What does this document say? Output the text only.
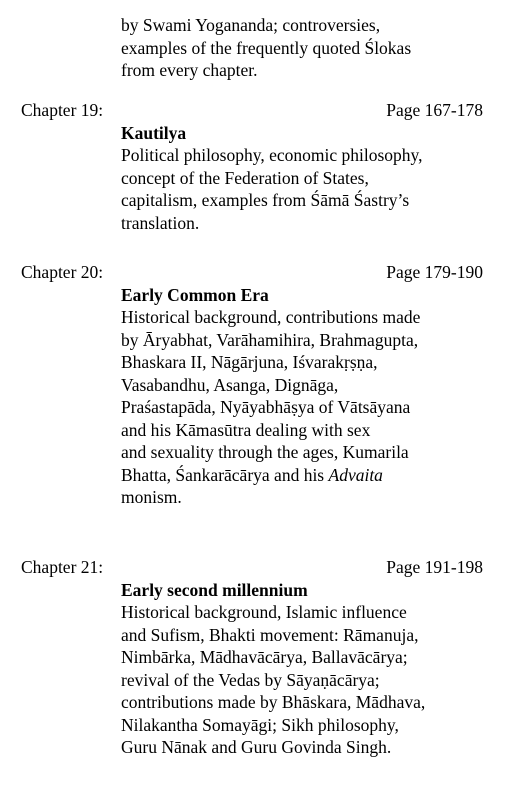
by Swami Yogananda; controversies,
examples of the frequently quoted Ślokas
from every chapter.
Chapter 19:	Page 167-178
Kautilya
Political philosophy, economic philosophy,
concept of the Federation of States,
capitalism, examples from Śāmā Śastry’s
translation.
Chapter 20:	Page 179-190
Early Common Era
Historical background, contributions made
by Āryabhat, Varāhamihira, Brahmagupta,
Bhaskara II, Nāgārjuna, Iśvarakṛṣṇa,
Vasabandhu, Asanga, Dignāga,
Praśastapāda, Nyāyabhāṣya of Vātsāyana
and his Kāmasūtra dealing with sex
and sexuality through the ages, Kumarila
Bhatta, Śankarācārya and his Advaita
monism.
Chapter 21:	Page 191-198
Early second millennium
Historical background, Islamic influence
and Sufism, Bhakti movement: Rāmanuja,
Nimbārka, Mādhavācārya, Ballavācārya;
revival of the Vedas by Sāyaṇācārya;
contributions made by Bhāskara, Mādhava,
Nilakantha Somayāgi; Sikh philosophy,
Guru Nānak and Guru Govinda Singh.
